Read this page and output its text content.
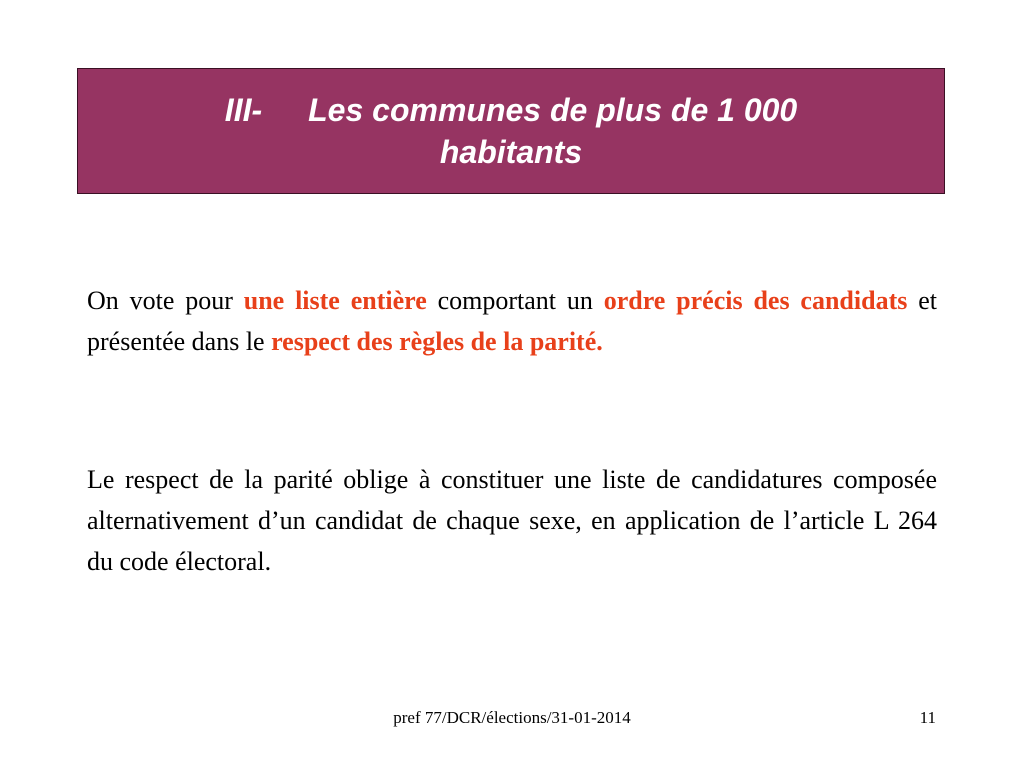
III- Les communes de plus de 1 000
habitants
On vote pour une liste entière comportant un ordre précis des candidats et présentée dans le respect des règles de la parité.
Le respect de la parité oblige à constituer une liste de candidatures composée alternativement d’un candidat de chaque sexe, en application de l’article L 264 du code électoral.
pref 77/DCR/élections/31-01-2014	11
